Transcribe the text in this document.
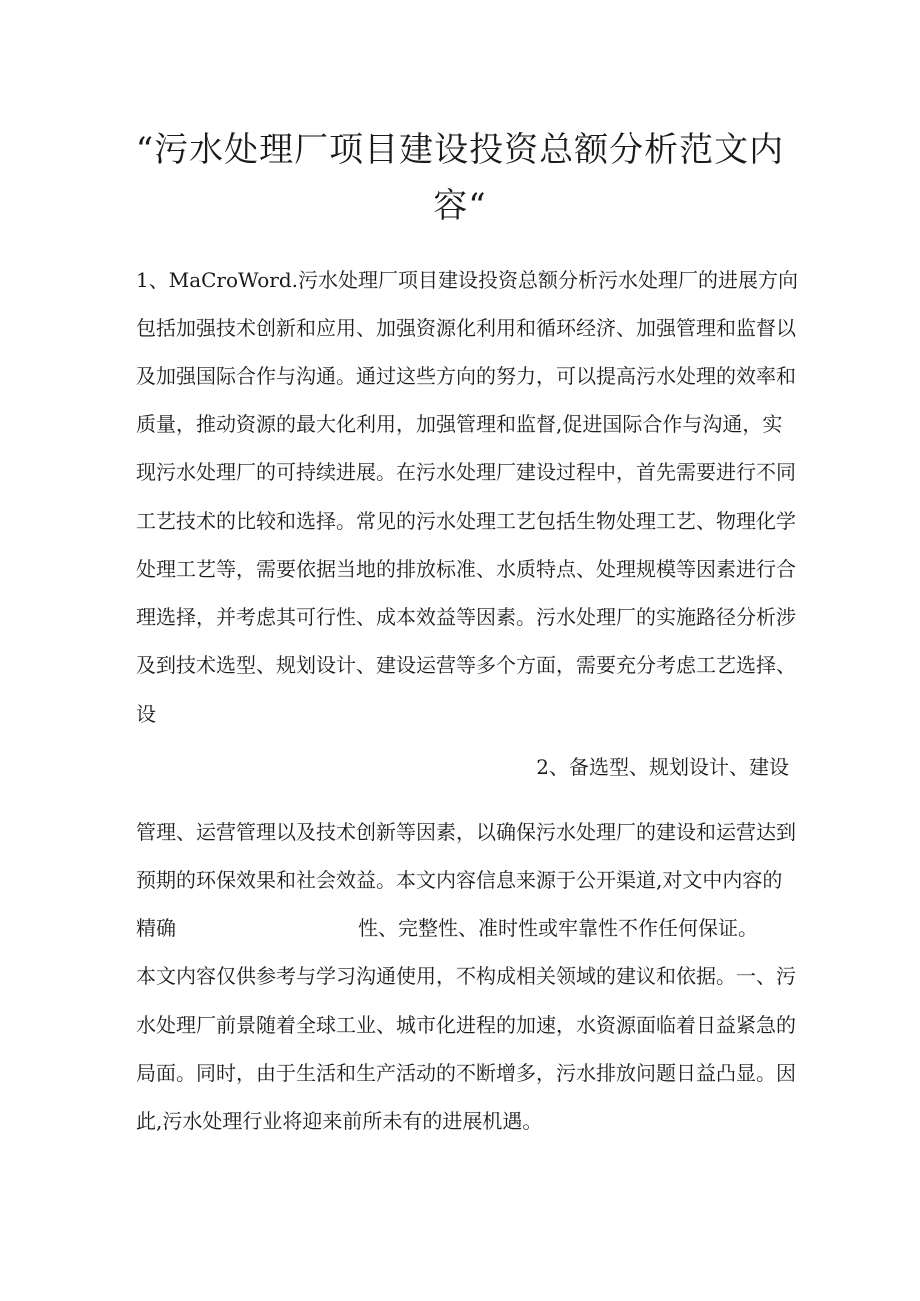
“污水处理厂项目建设投资总额分析范文内
容“
1、MaCroWord.污水处理厂项目建设投资总额分析污水处理厂的进展方向
包括加强技术创新和应用、加强资源化利用和循环经济、加强管理和监督以
及加强国际合作与沟通。通过这些方向的努力，可以提高污水处理的效率和
质量，推动资源的最大化利用，加强管理和监督,促进国际合作与沟通，实
现污水处理厂的可持续进展。在污水处理厂建设过程中，首先需要进行不同
工艺技术的比较和选择。常见的污水处理工艺包括生物处理工艺、物理化学
处理工艺等，需要依据当地的排放标准、水质特点、处理规模等因素进行合
理选择，并考虑其可行性、成本效益等因素。污水处理厂的实施路径分析涉
及到技术选型、规划设计、建设运营等多个方面，需要充分考虑工艺选择、
设
2、备选型、规划设计、建设
管理、运营管理以及技术创新等因素，以确保污水处理厂的建设和运营达到
预期的环保效果和社会效益。本文内容信息来源于公开渠道,对文中内容的
精确	性、完整性、准时性或牢靠性不作任何保证。
本文内容仅供参考与学习沟通使用，不构成相关领域的建议和依据。一、污
水处理厂前景随着全球工业、城市化进程的加速，水资源面临着日益紧急的
局面。同时，由于生活和生产活动的不断增多，污水排放问题日益凸显。因
此,污水处理行业将迎来前所未有的进展机遇。
